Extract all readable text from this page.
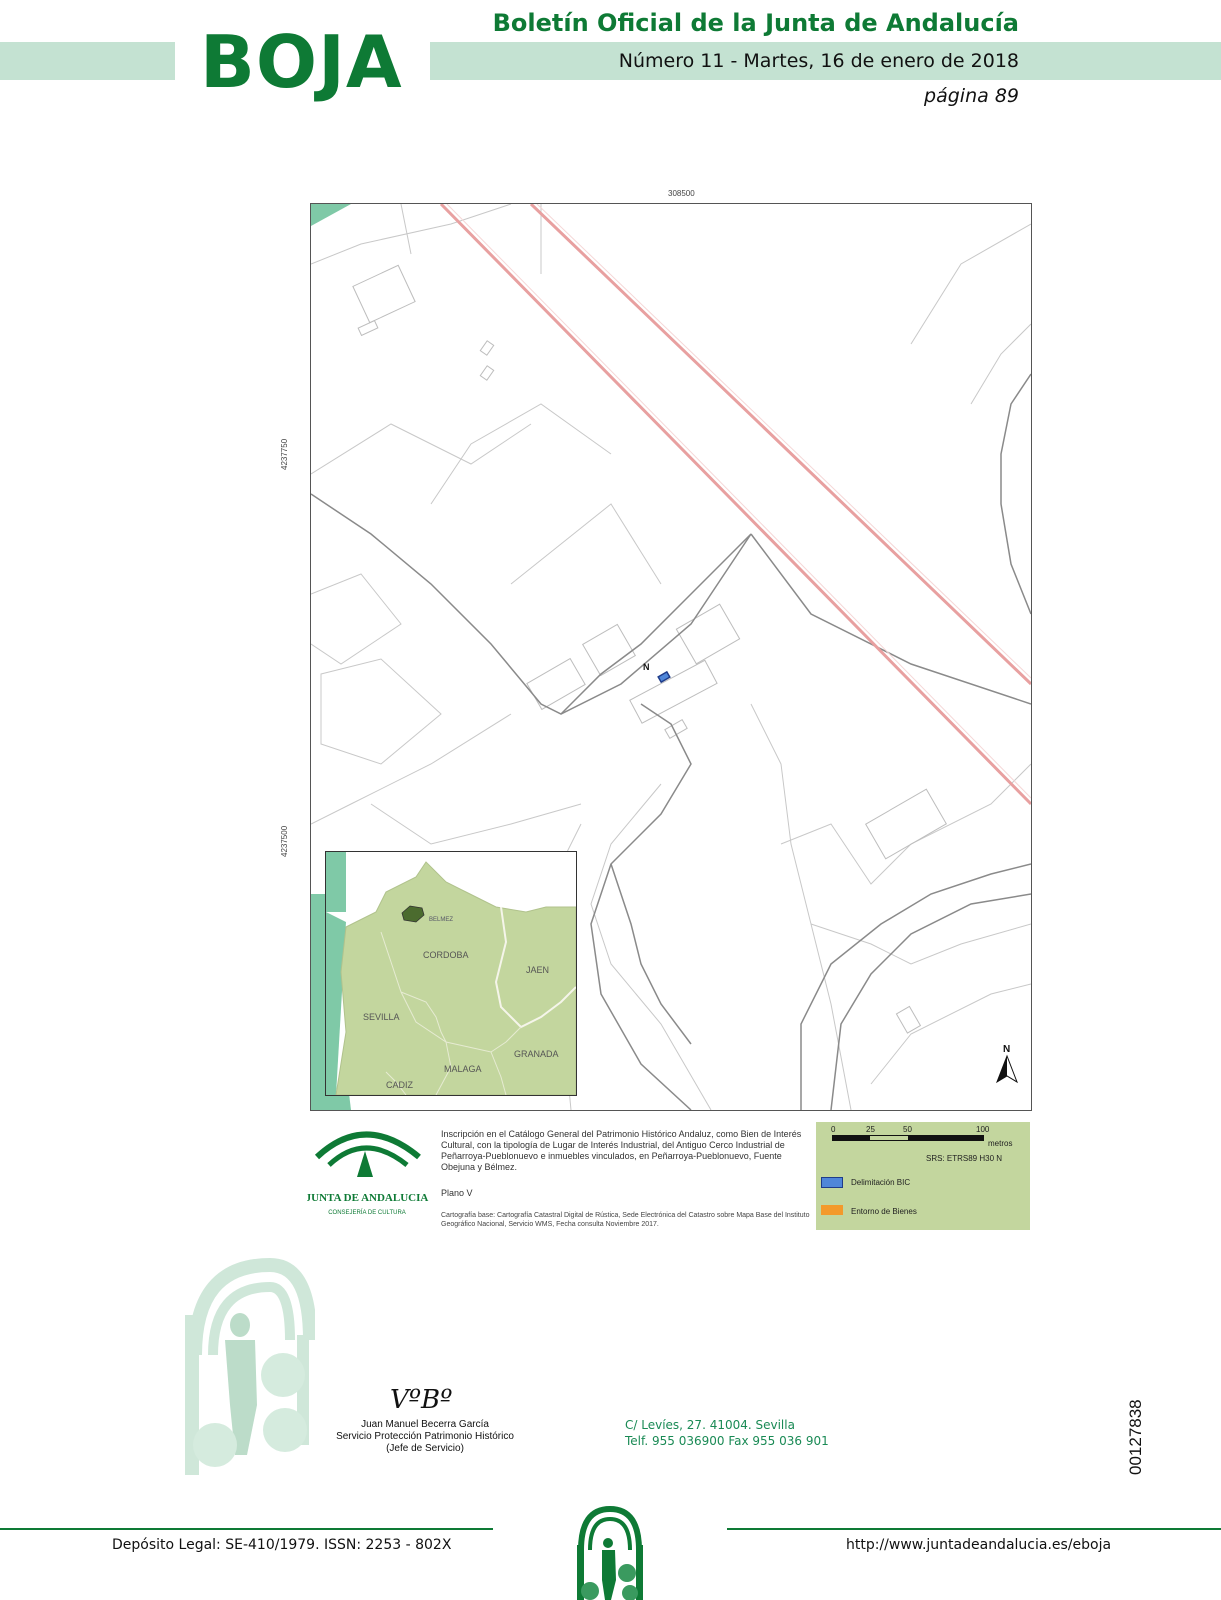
BOJA	Boletín Oficial de la Junta de Andalucía
Número 11 - Martes, 16 de enero de 2018
página 89
308500
4237750
4237500
N
N
BELMEZ
CORDOBA
JAEN
SEVILLA
GRANADA
MALAGA
CADIZ
JUNTA DE ANDALUCIA
CONSEJERÍA DE CULTURA
Inscripción en el Catálogo General del Patrimonio Histórico Andaluz, como Bien de Interés Cultural, con la tipología de Lugar de Interés Industrial, del Antiguo Cerco Industrial de Peñarroya-Pueblonuevo e inmuebles vinculados, en Peñarroya-Pueblonuevo, Fuente Obejuna y Bélmez.
Plano V
Cartografía base: Cartografía Catastral Digital de Rústica, Sede Electrónica del Catastro sobre Mapa Base del Instituto Geográfico Nacional, Servicio WMS, Fecha consulta Noviembre 2017.
0	25	50	100
metros
SRS: ETRS89 H30 N
Delimitación BIC
Entorno de Bienes
VºBº
Juan Manuel Becerra García
Servicio Protección Patrimonio Histórico
(Jefe de Servicio)
C/ Levíes, 27. 41004. Sevilla
Telf. 955 036900 Fax 955 036 901	00127838
Depósito Legal: SE-410/1979. ISSN: 2253 - 802X	http://www.juntadeandalucia.es/eboja
